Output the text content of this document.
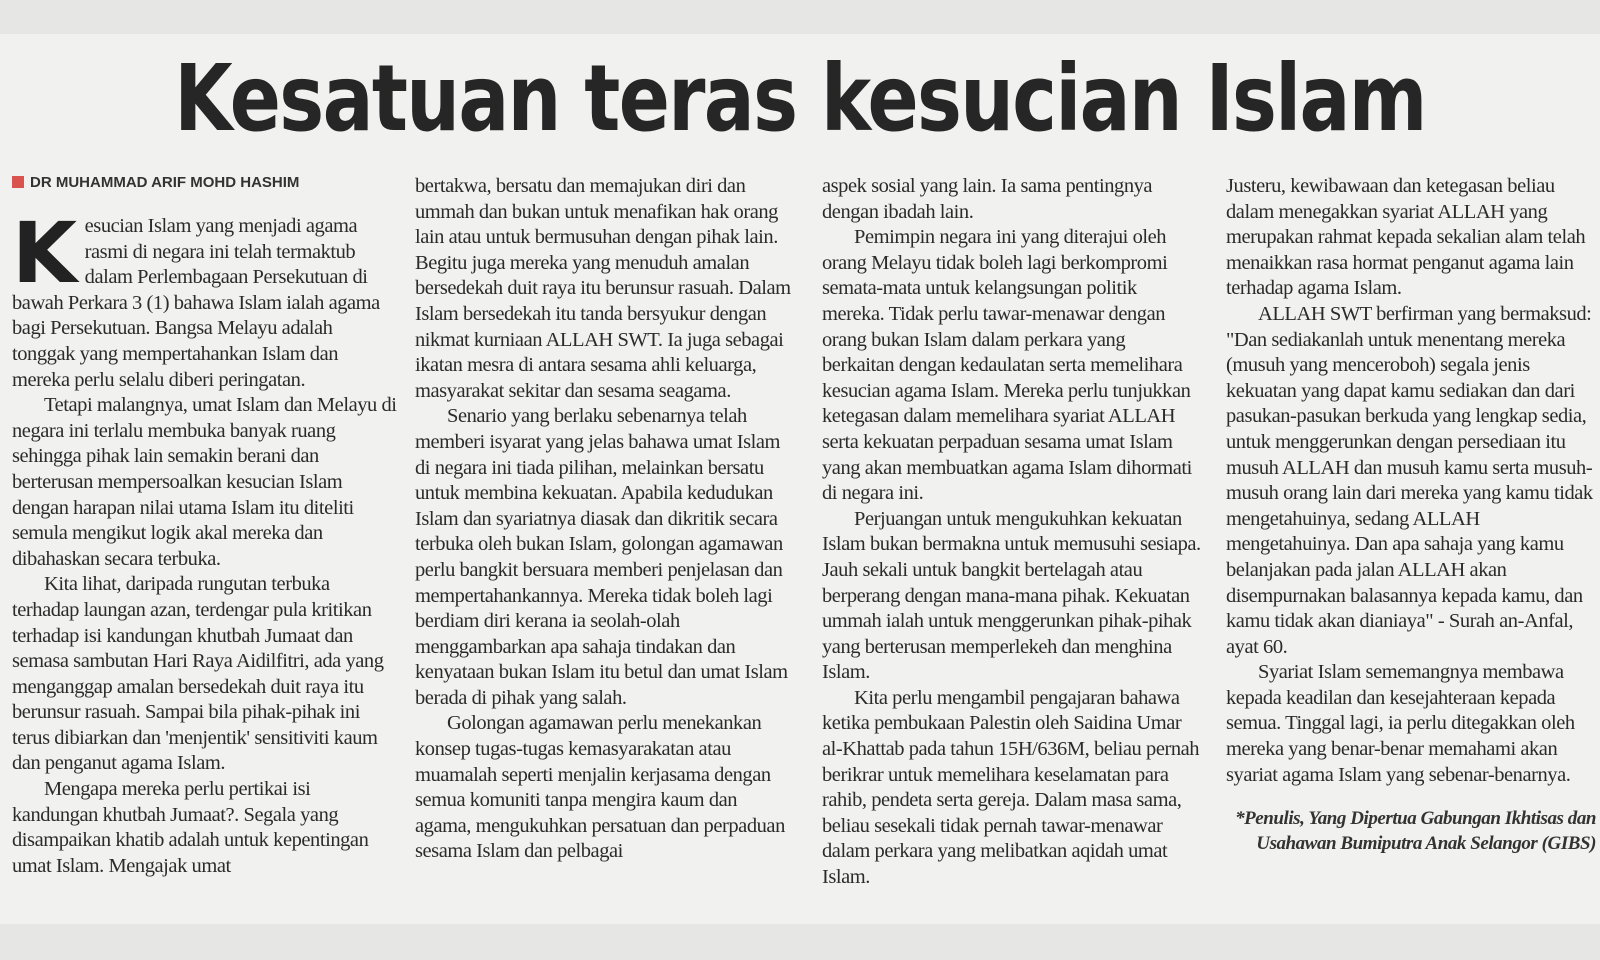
Kesatuan teras kesucian Islam
DR MUHAMMAD ARIF MOHD HASHIM

Kesucian Islam yang menjadi agama rasmi di negara ini telah termaktub dalam Perlembagaan Persekutuan di bawah Perkara 3 (1) bahawa Islam ialah agama bagi Persekutuan. Bangsa Melayu adalah tonggak yang mempertahankan Islam dan mereka perlu selalu diberi peringatan.

Tetapi malangnya, umat Islam dan Melayu di negara ini terlalu membuka banyak ruang sehingga pihak lain semakin berani dan berterusan mempersoalkan kesucian Islam dengan harapan nilai utama Islam itu diteliti semula mengikut logik akal mereka dan dibahaskan secara terbuka.

Kita lihat, daripada rungutan terbuka terhadap laungan azan, terdengar pula kritikan terhadap isi kandungan khutbah Jumaat dan semasa sambutan Hari Raya Aidilfitri, ada yang menganggap amalan bersedekah duit raya itu berunsur rasuah. Sampai bila pihak-pihak ini terus dibiarkan dan 'menjentik' sensitiviti kaum dan penganut agama Islam.

Mengapa mereka perlu pertikai isi kandungan khutbah Jumaat?. Segala yang disampaikan khatib adalah untuk kepentingan umat Islam. Mengajak umat

bertakwa, bersatu dan memajukan diri dan ummah dan bukan untuk menafikan hak orang lain atau untuk bermusuhan dengan pihak lain. Begitu juga mereka yang menuduh amalan bersedekah duit raya itu berunsur rasuah. Dalam Islam bersedekah itu tanda bersyukur dengan nikmat kurniaan ALLAH SWT. Ia juga sebagai ikatan mesra di antara sesama ahli keluarga, masyarakat sekitar dan sesama seagama.

Senario yang berlaku sebenarnya telah memberi isyarat yang jelas bahawa umat Islam di negara ini tiada pilihan, melainkan bersatu untuk membina kekuatan. Apabila kedudukan Islam dan syariatnya diasak dan dikritik secara terbuka oleh bukan Islam, golongan agamawan perlu bangkit bersuara memberi penjelasan dan mempertahankannya. Mereka tidak boleh lagi berdiam diri kerana ia seolah-olah menggambarkan apa sahaja tindakan dan kenyataan bukan Islam itu betul dan umat Islam berada di pihak yang salah.

Golongan agamawan perlu menekankan konsep tugas-tugas kemasyarakatan atau muamalah seperti menjalin kerjasama dengan semua komuniti tanpa mengira kaum dan agama, mengukuhkan persatuan dan perpaduan sesama Islam dan pelbagai

aspek sosial yang lain. Ia sama pentingnya dengan ibadah lain.

Pemimpin negara ini yang diterajui oleh orang Melayu tidak boleh lagi berkompromi semata-mata untuk kelangsungan politik mereka. Tidak perlu tawar-menawar dengan orang bukan Islam dalam perkara yang berkaitan dengan kedaulatan serta memelihara kesucian agama Islam. Mereka perlu tunjukkan ketegasan dalam memelihara syariat ALLAH serta kekuatan perpaduan sesama umat Islam yang akan membuatkan agama Islam dihormati di negara ini.

Perjuangan untuk mengukuhkan kekuatan Islam bukan bermakna untuk memusuhi sesiapa. Jauh sekali untuk bangkit bertelagah atau berperang dengan mana-mana pihak. Kekuatan ummah ialah untuk menggerunkan pihak-pihak yang berterusan memperlekeh dan menghina Islam.

Kita perlu mengambil pengajaran bahawa ketika pembukaan Palestin oleh Saidina Umar al-Khattab pada tahun 15H/636M, beliau pernah berikrar untuk memelihara keselamatan para rahib, pendeta serta gereja. Dalam masa sama, beliau sesekali tidak pernah tawar-menawar dalam perkara yang melibatkan aqidah umat Islam.

Justeru, kewibawaan dan ketegasan beliau dalam menegakkan syariat ALLAH yang merupakan rahmat kepada sekalian alam telah menaikkan rasa hormat penganut agama lain terhadap agama Islam.

ALLAH SWT berfirman yang bermaksud: "Dan sediakanlah untuk menentang mereka (musuh yang menceroboh) segala jenis kekuatan yang dapat kamu sediakan dan dari pasukan-pasukan berkuda yang lengkap sedia, untuk menggerunkan dengan persediaan itu musuh ALLAH dan musuh kamu serta musuh-musuh orang lain dari mereka yang kamu tidak mengetahuinya, sedang ALLAH mengetahuinya. Dan apa sahaja yang kamu belanjakan pada jalan ALLAH akan disempurnakan balasannya kepada kamu, dan kamu tidak akan dianiaya" - Surah an-Anfal, ayat 60.

Syariat Islam sememangnya membawa kepada keadilan dan kesejahteraan kepada semua. Tinggal lagi, ia perlu ditegakkan oleh mereka yang benar-benar memahami akan syariat agama Islam yang sebenar-benarnya.

*Penulis, Yang Dipertua Gabungan Ikhtisas dan Usahawan Bumiputra Anak Selangor (GIBS)
